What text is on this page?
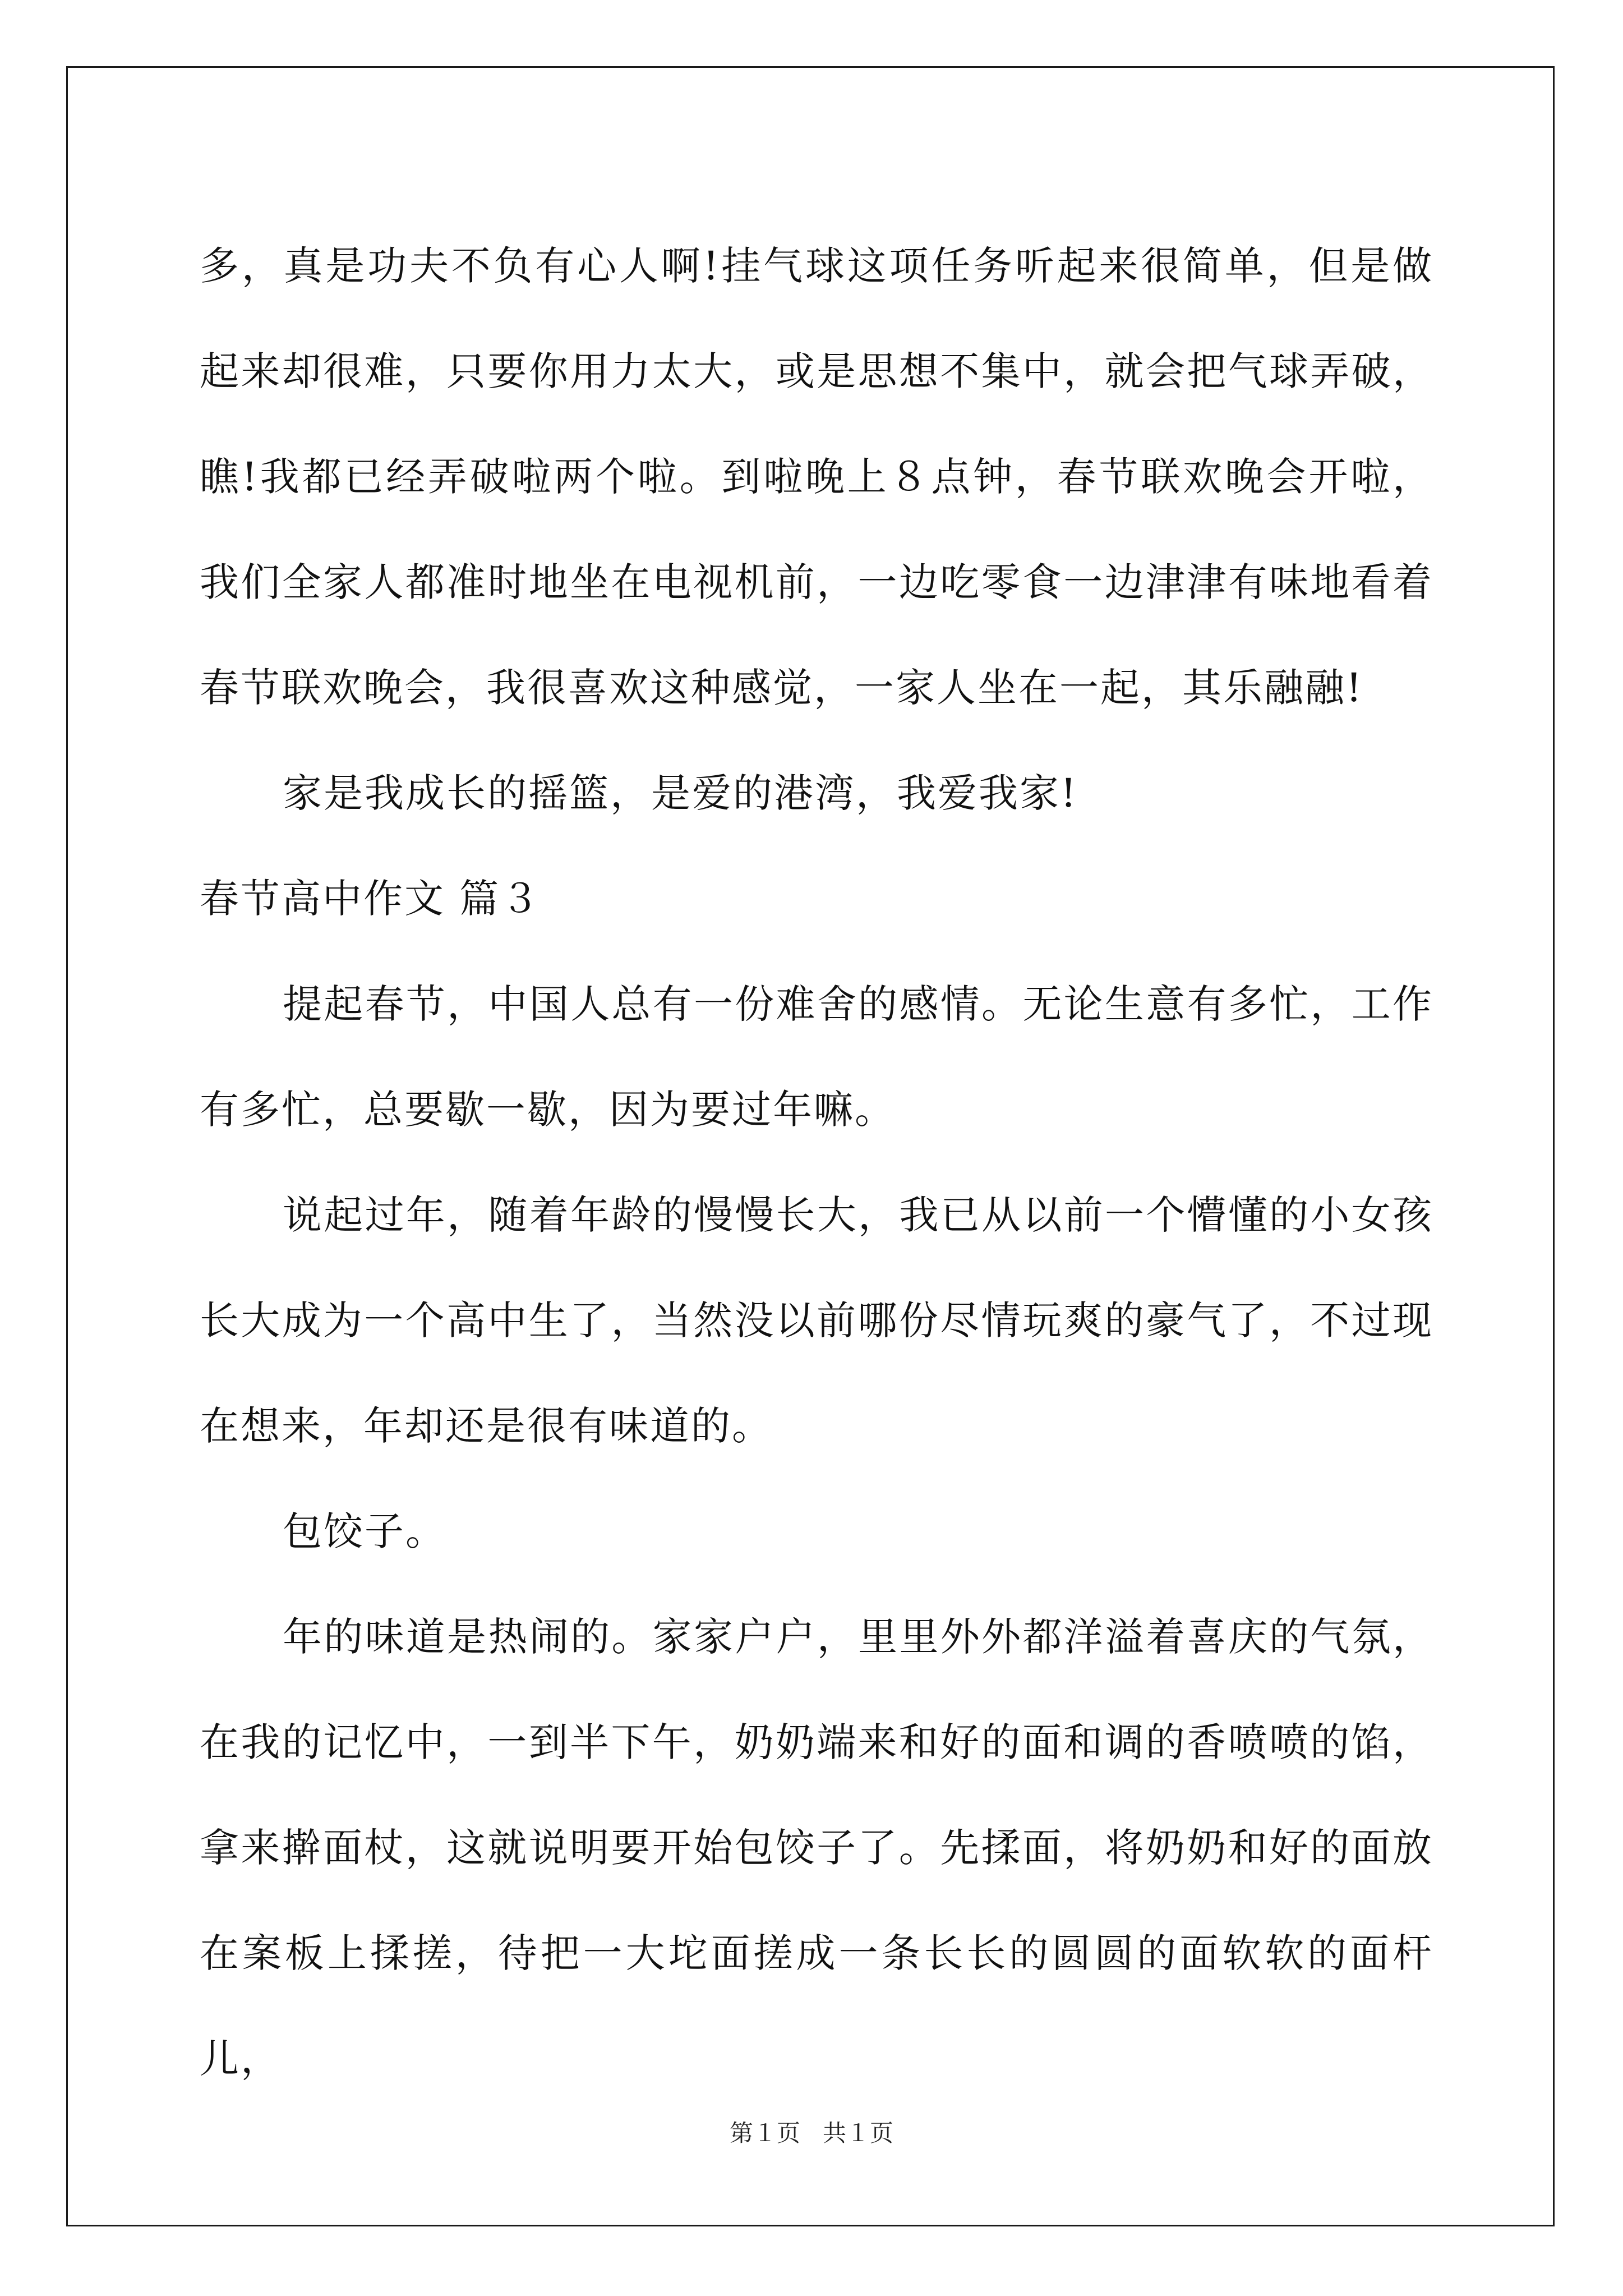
多，真是功夫不负有心人啊!挂气球这项任务听起来很简单，但是做起来却很难，只要你用力太大，或是思想不集中，就会把气球弄破，瞧!我都已经弄破啦两个啦。到啦晚上８点钟，春节联欢晚会开啦，我们全家人都准时地坐在电视机前，一边吃零食一边津津有味地看着春节联欢晚会，我很喜欢这种感觉，一家人坐在一起，其乐融融!

家是我成长的摇篮，是爱的港湾，我爱我家!

春节高中作文 篇３

提起春节，中国人总有一份难舍的感情。无论生意有多忙，工作有多忙，总要歇一歇，因为要过年嘛。

说起过年，随着年龄的慢慢长大，我已从以前一个懵懂的小女孩长大成为一个高中生了，当然没以前哪份尽情玩爽的豪气了，不过现在想来，年却还是很有味道的。

包饺子。

年的味道是热闹的。家家户户，里里外外都洋溢着喜庆的气氛，在我的记忆中，一到半下午，奶奶端来和好的面和调的香喷喷的馅，拿来擀面杖，这就说明要开始包饺子了。先揉面，将奶奶和好的面放在案板上揉搓，待把一大坨面搓成一条长长的圆圆的面软软的面杆儿，

第１页   共１页
